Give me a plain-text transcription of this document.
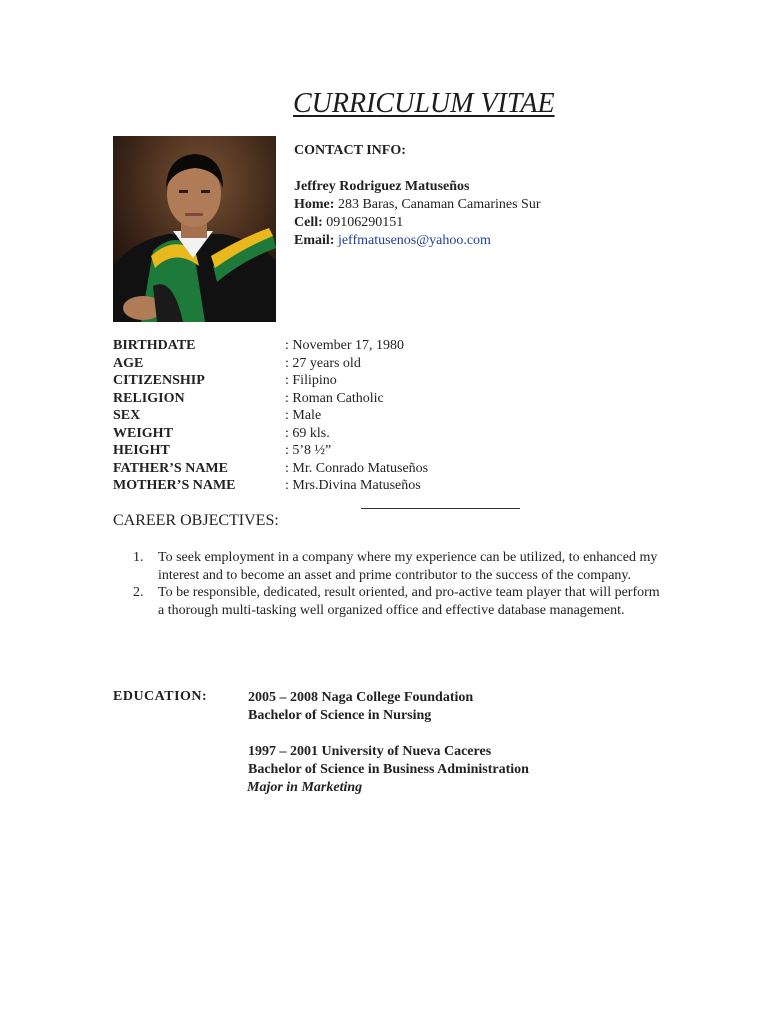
CURRICULUM VITAE
CONTACT INFO:
Jeffrey Rodriguez Matuseños
Home: 283 Baras, Canaman Camarines Sur
Cell: 09106290151
Email: jeffmatusenos@yahoo.com
BIRTHDATE	: November 17, 1980
AGE	: 27 years old
CITIZENSHIP	: Filipino
RELIGION	: Roman Catholic
SEX	: Male
WEIGHT	: 69 kls.
HEIGHT	: 5’8 ½”
FATHER’S NAME	: Mr. Conrado Matuseños
MOTHER’S NAME	: Mrs.Divina Matuseños
CAREER OBJECTIVES:
1. To seek employment in a company where my experience can be utilized, to enhanced my interest and to become an asset and prime contributor to the success of the company.
2. To be responsible, dedicated, result oriented, and pro-active team player that will perform a thorough multi-tasking well organized office and effective database management.
EDUCATION:	2005 – 2008 Naga College Foundation
Bachelor of Science in Nursing
1997 – 2001 University of Nueva Caceres
Bachelor of Science in Business Administration
Major in Marketing
